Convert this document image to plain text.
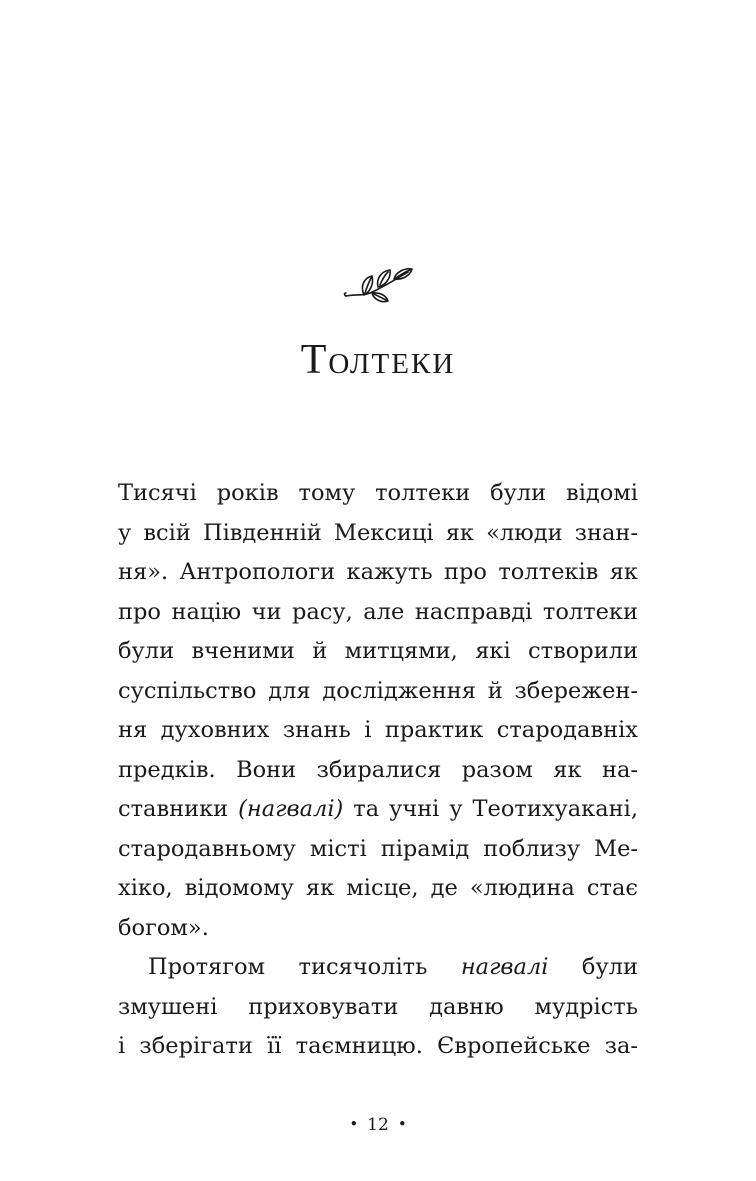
Толтеки

Тисячі років тому толтеки були відомі
у всій Південній Мексиці як «люди знан-
ня». Антропологи кажуть про толтеків як
про націю чи расу, але насправді толтеки
були вченими й митцями, які створили
суспільство для дослідження й збережен-
ня духовних знань і практик стародавніх
предків. Вони збиралися разом як на-
ставники (нагвалі) та учні у Теотихуакані,
стародавньому місті пірамід поблизу Ме-
хіко, відомому як місце, де «людина стає
богом».

Протягом тисячоліть нагвалі були
змушені приховувати давню мудрість
і зберігати її таємницю. Європейське за-

• 12 •
